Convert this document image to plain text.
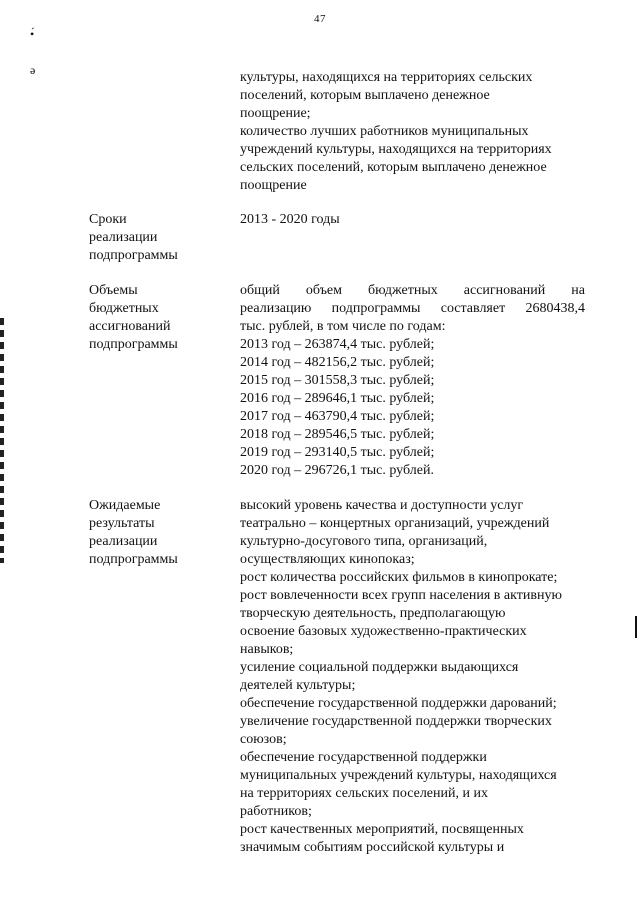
47
•́
ǝ	культуры, находящихся на территориях сельских
поселений, которым выплачено денежное
поощрение;
количество лучших работников муниципальных
учреждений культуры, находящихся на территориях
сельских поселений, которым выплачено денежное
поощрение
Сроки
реализации
подпрограммы
2013 - 2020 годы
Объемы
бюджетных
ассигнований
подпрограммы
общий объем бюджетных ассигнований на
реализацию подпрограммы составляет 2680438,4
тыс. рублей, в том числе по годам:
2013 год – 263874,4 тыс. рублей;
2014 год – 482156,2 тыс. рублей;
2015 год – 301558,3 тыс. рублей;
2016 год – 289646,1 тыс. рублей;
2017 год – 463790,4 тыс. рублей;
2018 год – 289546,5 тыс. рублей;
2019 год – 293140,5 тыс. рублей;
2020 год – 296726,1 тыс. рублей.
Ожидаемые
результаты
реализации
подпрограммы
высокий уровень качества и доступности услуг
театрально – концертных организаций, учреждений
культурно-досугового типа, организаций,
осуществляющих кинопоказ;
рост количества российских фильмов в кинопрокате;
рост вовлеченности всех групп населения в активную
творческую деятельность, предполагающую
освоение базовых художественно-практических
навыков;
усиление социальной поддержки выдающихся
деятелей культуры;
обеспечение государственной поддержки дарований;
увеличение государственной поддержки творческих
союзов;
обеспечение государственной поддержки
муниципальных учреждений культуры, находящихся
на территориях сельских поселений, и их
работников;
рост качественных мероприятий, посвященных
значимым событиям российской культуры и
